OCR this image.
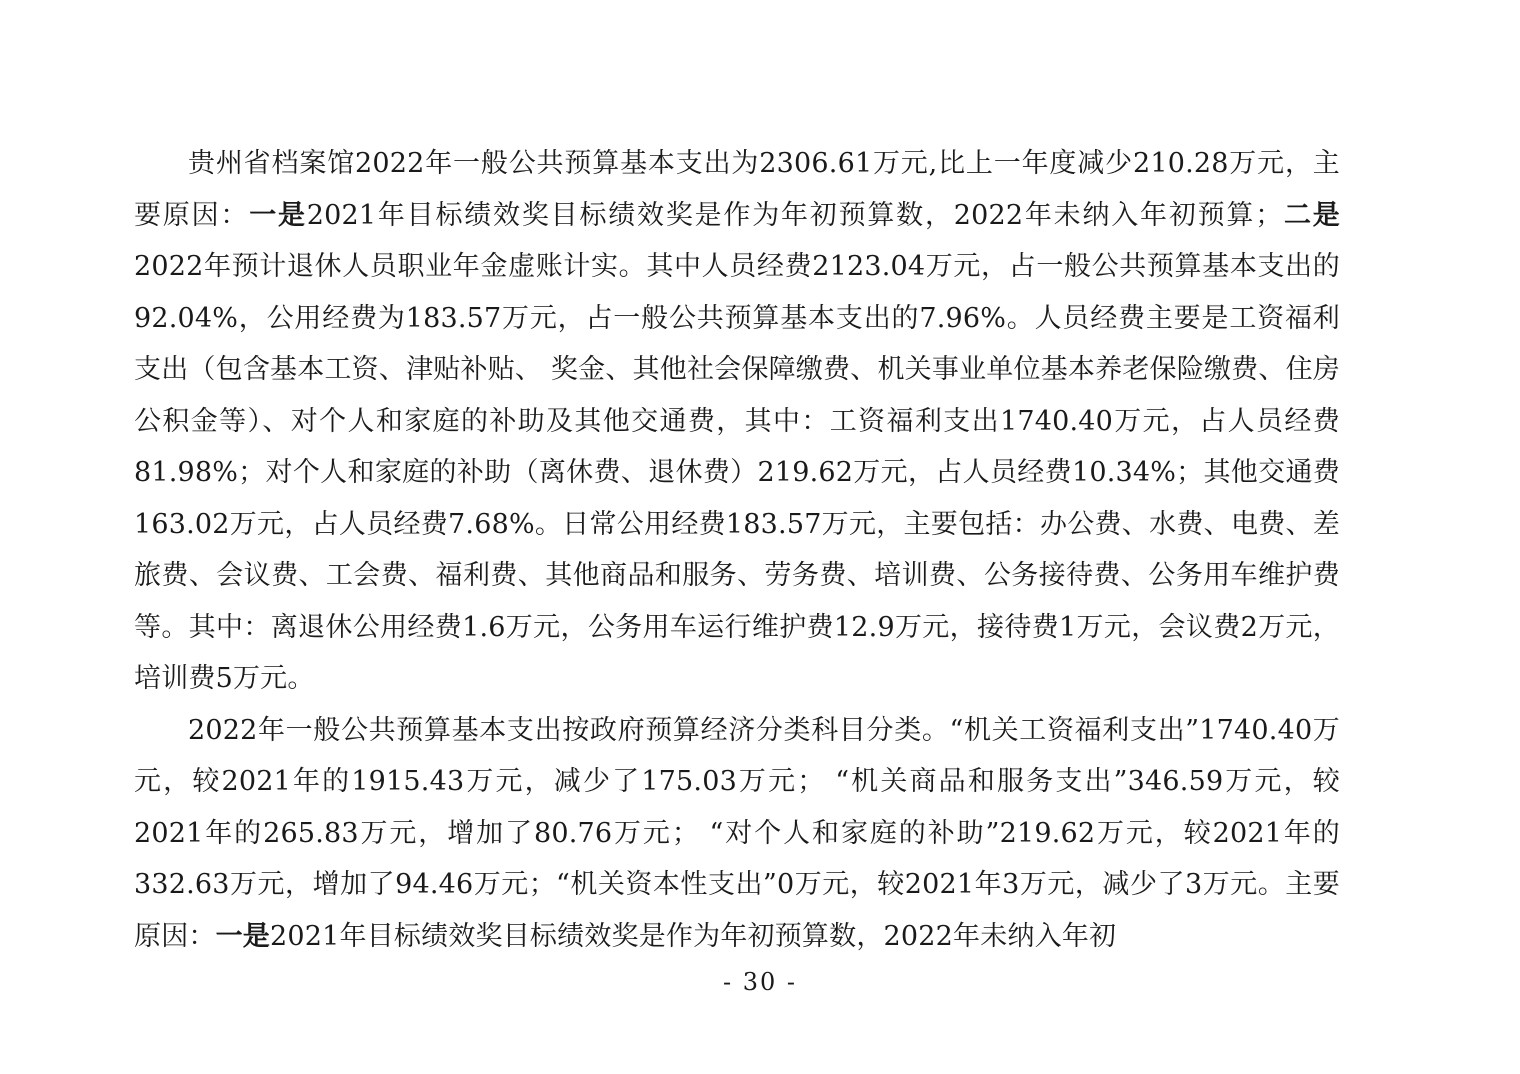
贵州省档案馆2022年一般公共预算基本支出为2306.61万元,比上一年度减少210.28万元，主要原因：一是2021年目标绩效奖目标绩效奖是作为年初预算数，2022年未纳入年初预算；二是2022年预计退休人员职业年金虚账计实。其中人员经费2123.04万元，占一般公共预算基本支出的92.04%，公用经费为183.57万元，占一般公共预算基本支出的7.96%。人员经费主要是工资福利支出（包含基本工资、津贴补贴、 奖金、其他社会保障缴费、机关事业单位基本养老保险缴费、住房公积金等）、对个人和家庭的补助及其他交通费，其中：工资福利支出1740.40万元，占人员经费81.98%；对个人和家庭的补助（离休费、退休费）219.62万元，占人员经费10.34%；其他交通费163.02万元，占人员经费7.68%。日常公用经费183.57万元，主要包括：办公费、水费、电费、差旅费、会议费、工会费、福利费、其他商品和服务、劳务费、培训费、公务接待费、公务用车维护费等。其中：离退休公用经费1.6万元，公务用车运行维护费12.9万元，接待费1万元，会议费2万元，培训费5万元。

2022年一般公共预算基本支出按政府预算经济分类科目分类。“机关工资福利支出”1740.40万元，较2021年的1915.43万元，减少了175.03万元； “机关商品和服务支出”346.59万元，较2021年的265.83万元，增加了80.76万元； “对个人和家庭的补助”219.62万元，较2021年的332.63万元，增加了94.46万元；“机关资本性支出”0万元，较2021年3万元，减少了3万元。主要原因：一是2021年目标绩效奖目标绩效奖是作为年初预算数，2022年未纳入年初

- 30 -
